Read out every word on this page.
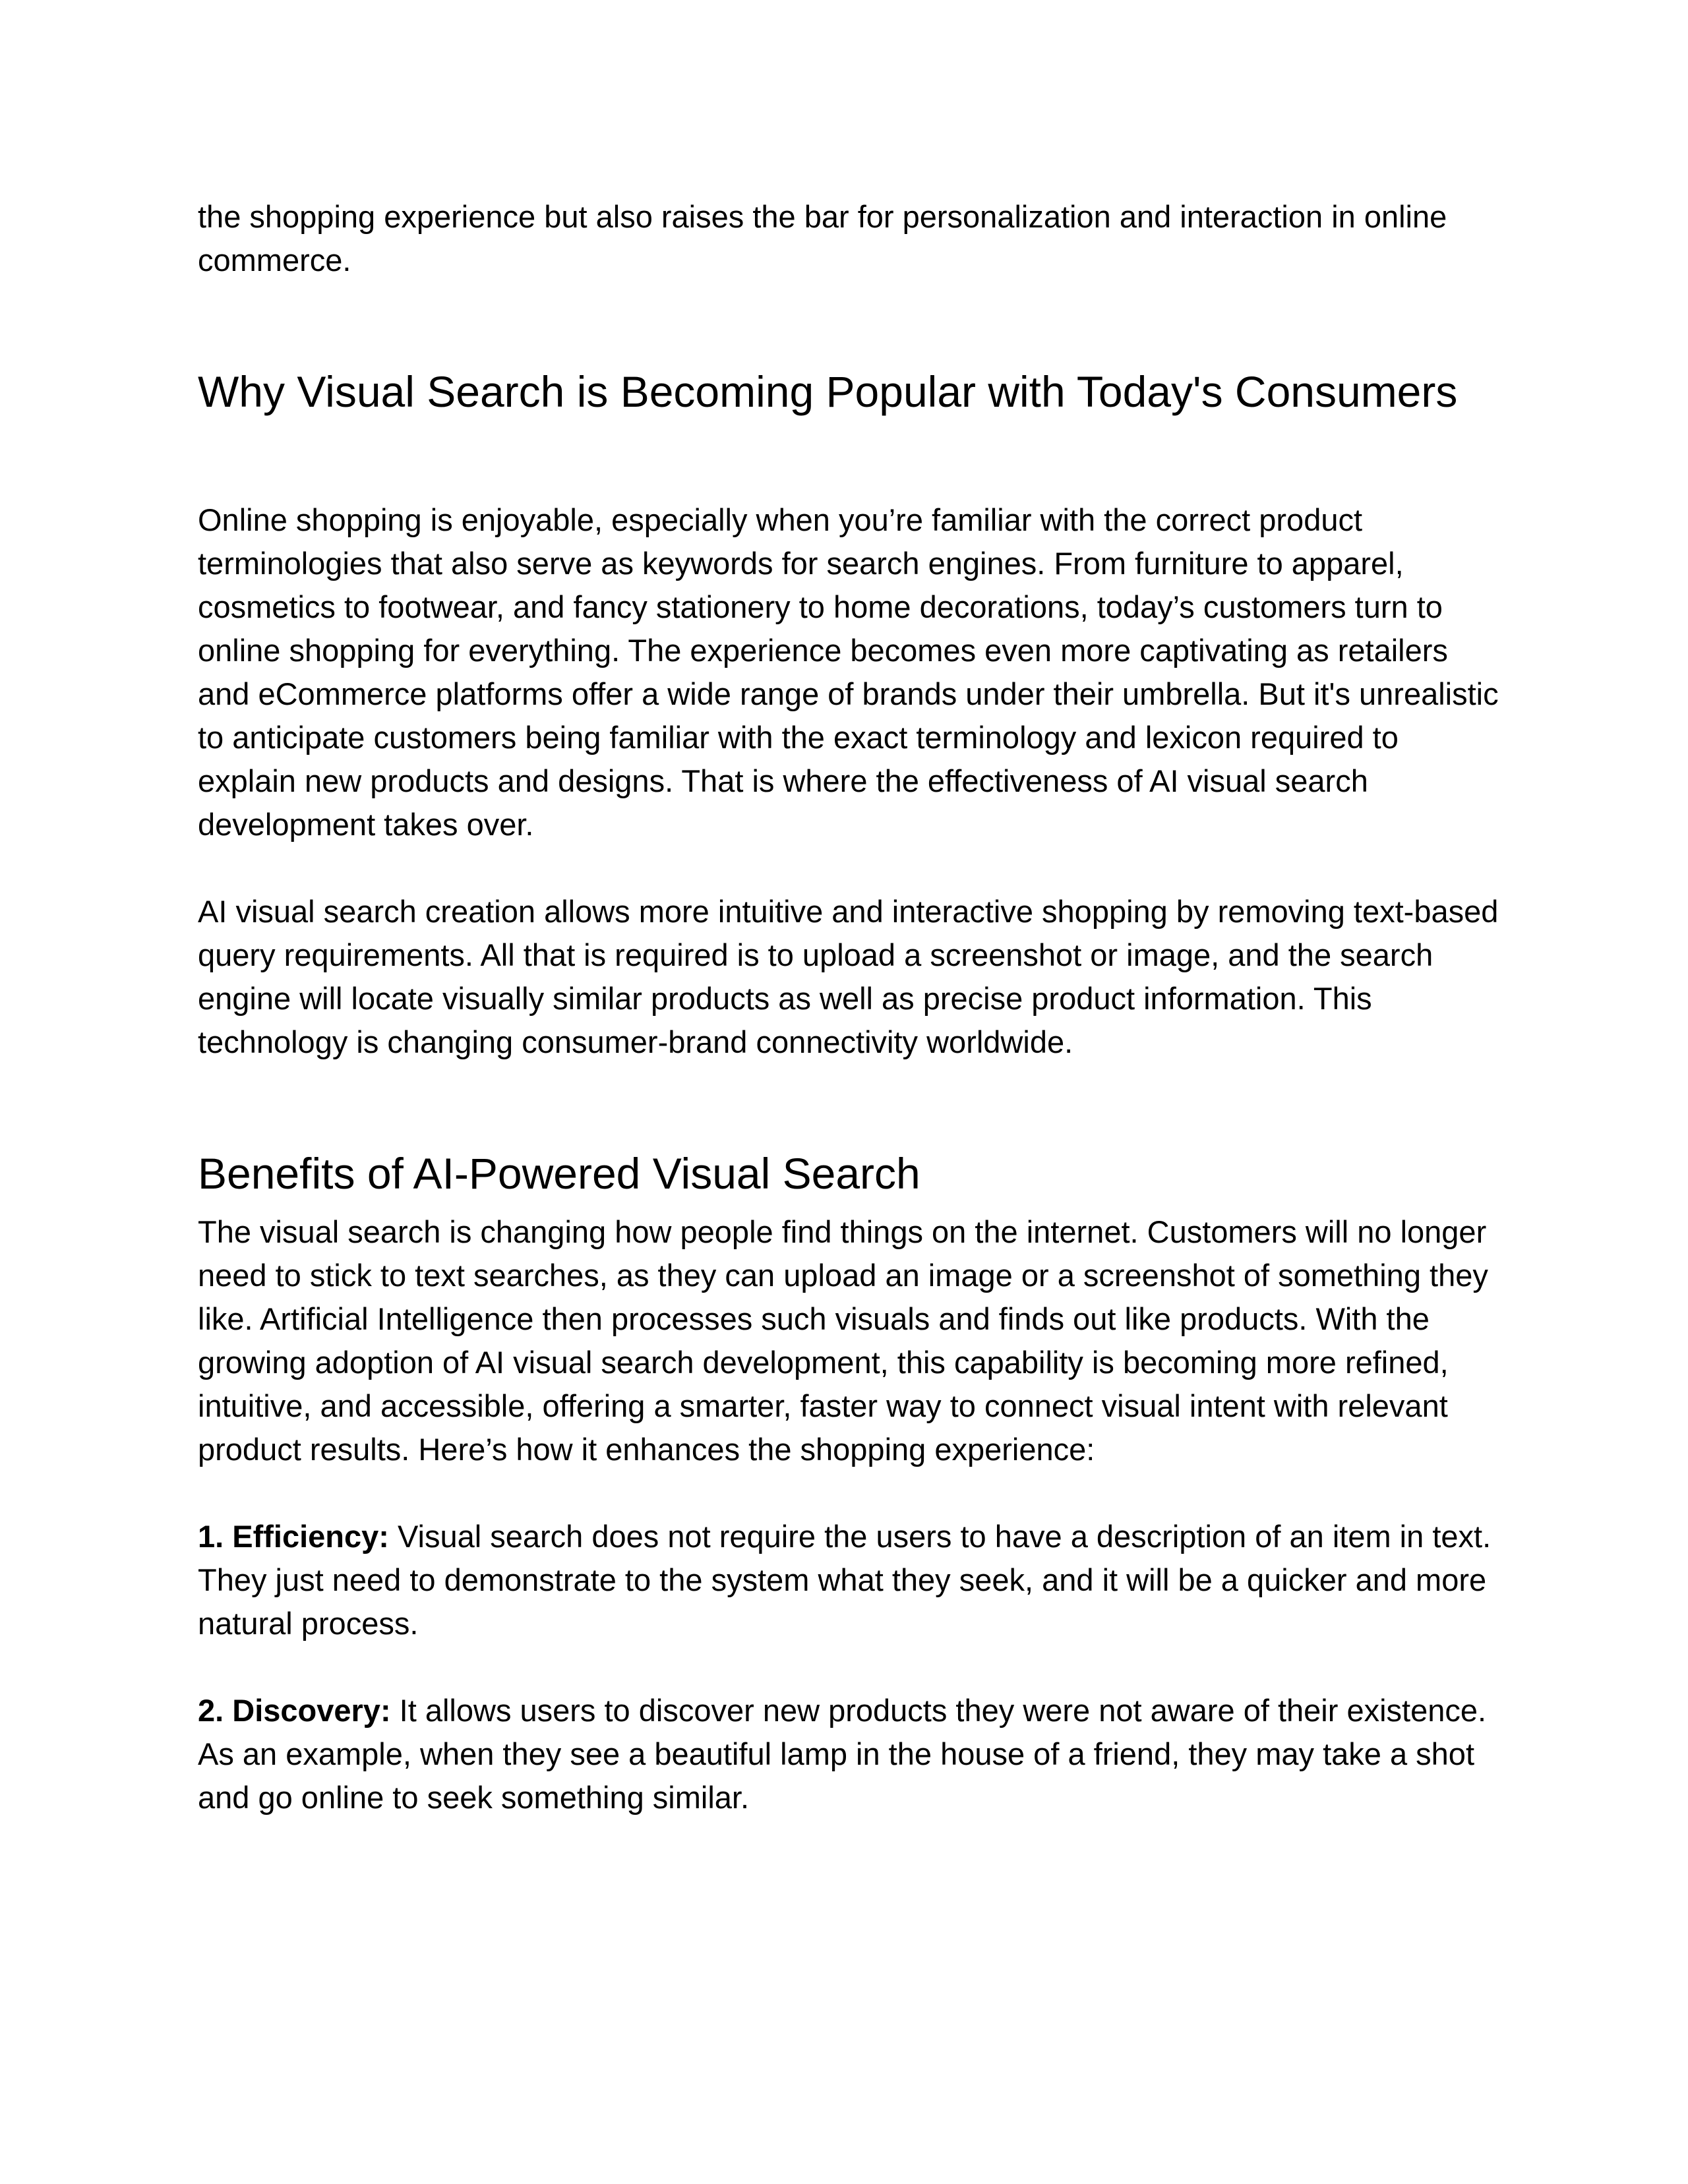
the shopping experience but also raises the bar for personalization and interaction in online commerce.

Why Visual Search is Becoming Popular with Today's Consumers

Online shopping is enjoyable, especially when you’re familiar with the correct product terminologies that also serve as keywords for search engines. From furniture to apparel, cosmetics to footwear, and fancy stationery to home decorations, today’s customers turn to online shopping for everything. The experience becomes even more captivating as retailers and eCommerce platforms offer a wide range of brands under their umbrella. But it's unrealistic to anticipate customers being familiar with the exact terminology and lexicon required to explain new products and designs. That is where the effectiveness of AI visual search development takes over.

AI visual search creation allows more intuitive and interactive shopping by removing text-based query requirements. All that is required is to upload a screenshot or image, and the search engine will locate visually similar products as well as precise product information. This technology is changing consumer-brand connectivity worldwide.

Benefits of AI-Powered Visual Search

The visual search is changing how people find things on the internet. Customers will no longer need to stick to text searches, as they can upload an image or a screenshot of something they like. Artificial Intelligence then processes such visuals and finds out like products. With the growing adoption of AI visual search development, this capability is becoming more refined, intuitive, and accessible, offering a smarter, faster way to connect visual intent with relevant product results. Here’s how it enhances the shopping experience:

1. Efficiency: Visual search does not require the users to have a description of an item in text. They just need to demonstrate to the system what they seek, and it will be a quicker and more natural process.

2. Discovery: It allows users to discover new products they were not aware of their existence. As an example, when they see a beautiful lamp in the house of a friend, they may take a shot and go online to seek something similar.
